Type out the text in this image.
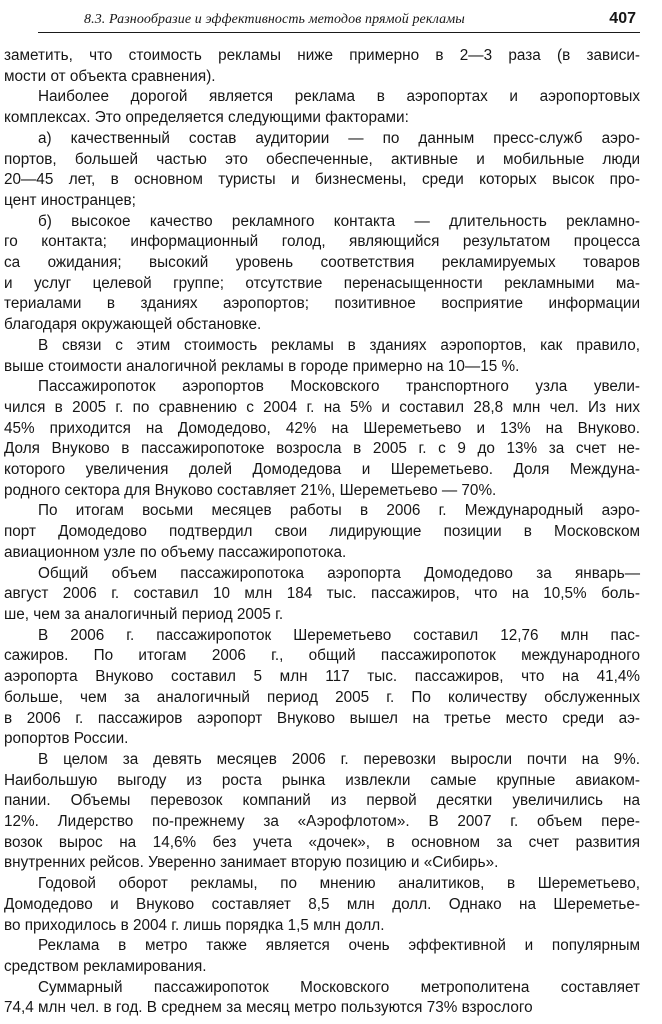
8.3. Разнообразие и эффективность методов прямой рекламы	407
заметить, что стоимость рекламы ниже примерно в 2—3 раза (в зависи-
мости от объекта сравнения).
Наиболее дорогой является реклама в аэропортах и аэропортовых
комплексах. Это определяется следующими факторами:
а) качественный состав аудитории — по данным пресс-служб аэро-
портов, большей частью это обеспеченные, активные и мобильные люди
20—45 лет, в основном туристы и бизнесмены, среди которых высок про-
цент иностранцев;
б) высокое качество рекламного контакта — длительность рекламно-
го контакта; информационный голод, являющийся результатом процесса
са ожидания; высокий уровень соответствия рекламируемых товаров
и услуг целевой группе; отсутствие перенасыщенности рекламными ма-
териалами в зданиях аэропортов; позитивное восприятие информации
благодаря окружающей обстановке.
В связи с этим стоимость рекламы в зданиях аэропортов, как правило,
выше стоимости аналогичной рекламы в городе примерно на 10—15 %.
Пассажиропоток аэропортов Московского транспортного узла увели-
чился в 2005 г. по сравнению с 2004 г. на 5% и составил 28,8 млн чел. Из них
45% приходится на Домодедово, 42% на Шереметьево и 13% на Внуково.
Доля Внуково в пассажиропотоке возросла в 2005 г. с 9 до 13% за счет не-
которого увеличения долей Домодедова и Шереметьево. Доля Междуна-
родного сектора для Внуково составляет 21%, Шереметьево — 70%.
По итогам восьми месяцев работы в 2006 г. Международный аэро-
порт Домодедово подтвердил свои лидирующие позиции в Московском
авиационном узле по объему пассажиропотока.
Общий объем пассажиропотока аэропорта Домодедово за январь—
август 2006 г. составил 10 млн 184 тыс. пассажиров, что на 10,5% боль-
ше, чем за аналогичный период 2005 г.
В 2006 г. пассажиропоток Шереметьево составил 12,76 млн пас-
сажиров. По итогам 2006 г., общий пассажиропоток международного
аэропорта Внуково составил 5 млн 117 тыс. пассажиров, что на 41,4%
больше, чем за аналогичный период 2005 г. По количеству обслуженных
в 2006 г. пассажиров аэропорт Внуково вышел на третье место среди аэ-
ропортов России.
В целом за девять месяцев 2006 г. перевозки выросли почти на 9%.
Наибольшую выгоду из роста рынка извлекли самые крупные авиаком-
пании. Объемы перевозок компаний из первой десятки увеличились на
12%. Лидерство по-прежнему за «Аэрофлотом». В 2007 г. объем пере-
возок вырос на 14,6% без учета «дочек», в основном за счет развития
внутренних рейсов. Уверенно занимает вторую позицию и «Сибирь».
Годовой оборот рекламы, по мнению аналитиков, в Шереметьево,
Домодедово и Внуково составляет 8,5 млн долл. Однако на Шереметье-
во приходилось в 2004 г. лишь порядка 1,5 млн долл.
Реклама в метро также является очень эффективной и популярным
средством рекламирования.
Суммарный пассажиропоток Московского метрополитена составляет
74,4 млн чел. в год. В среднем за месяц метро пользуются 73% взрослого
